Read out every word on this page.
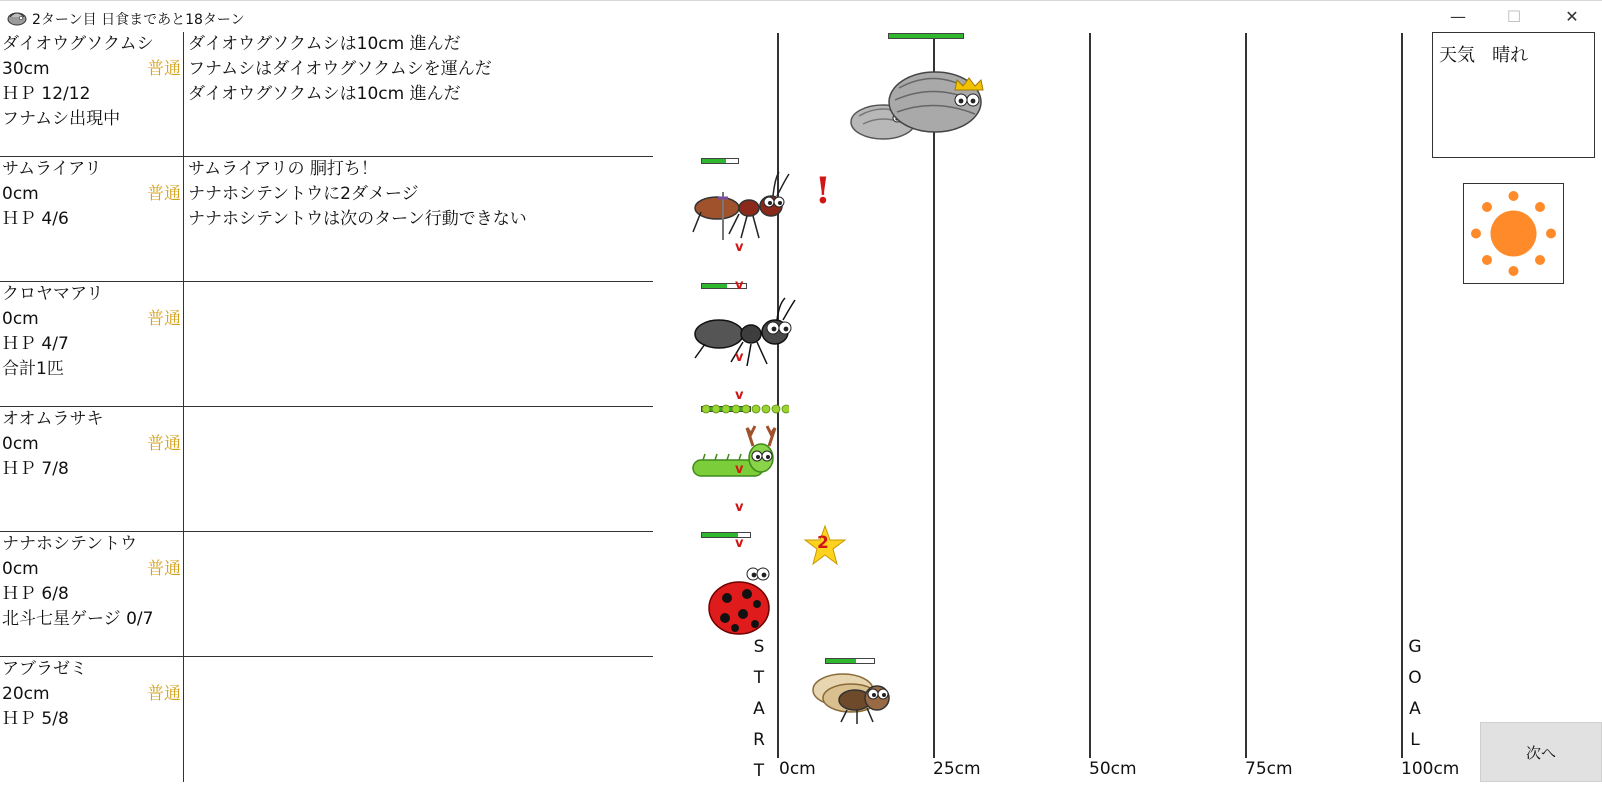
2ターン目 日食まであと18ターン	—	☐	✕
ダイオウグソクムシ
30cm	普通
ＨＰ 12/12
フナムシ出現中
ダイオウグソクムシは10cm 進んだ
フナムシはダイオウグソクムシを運んだ
ダイオウグソクムシは10cm 進んだ
サムライアリ
0cm	普通
ＨＰ 4/6
サムライアリの 胴打ち！
ナナホシテントウに2ダメージ
ナナホシテントウは次のターン行動できない
クロヤマアリ
0cm	普通
ＨＰ 4/7
合計1匹
オオムラサキ
0cm	普通
ＨＰ 7/8
ナナホシテントウ
0cm	普通
ＨＰ 6/8
北斗七星ゲージ 0/7
アブラゼミ
20cm	普通
ＨＰ 5/8
0cm	25cm	50cm	75cm	100cm
S
T
A
R
T
G
O
A
L
!
2
v
v
v
v
v
v
v
天気 晴れ
次へ
